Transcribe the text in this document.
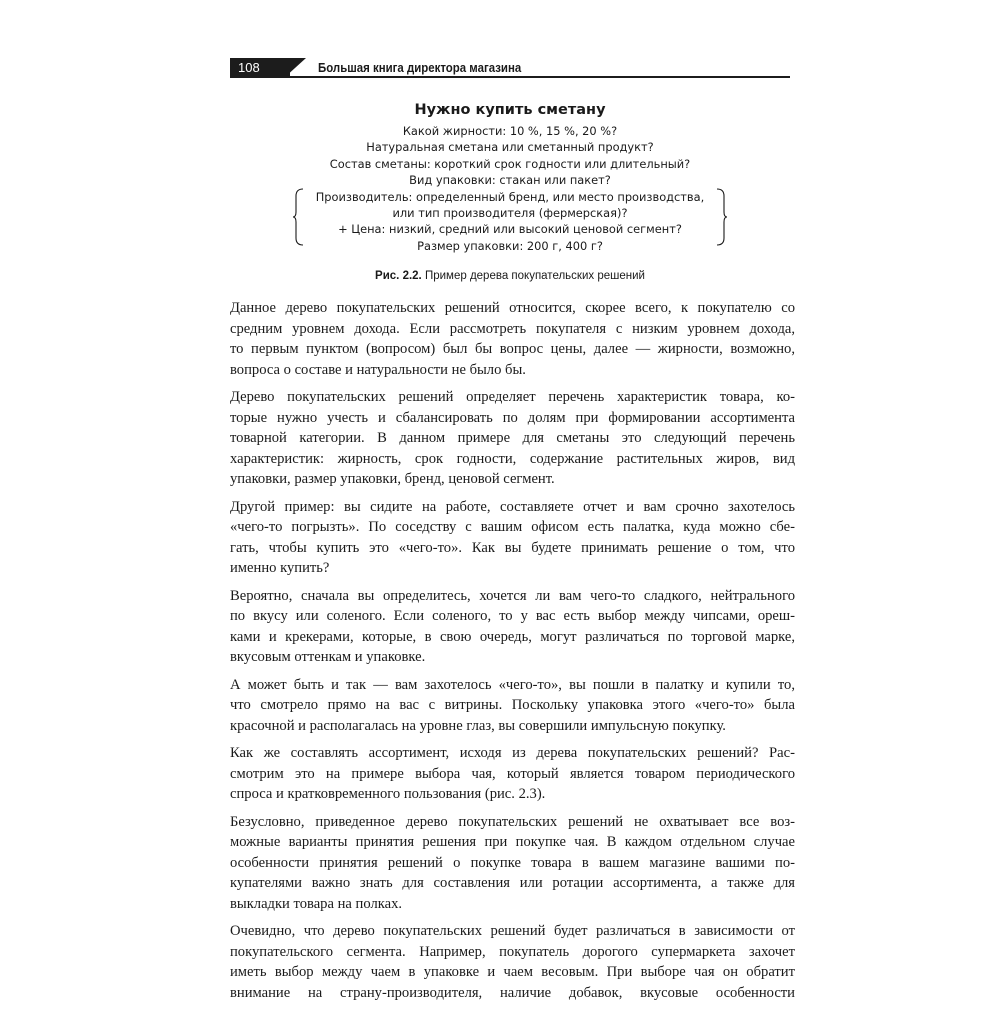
108	Большая книга директора магазина
Нужно купить сметану
Какой жирности: 10 %, 15 %, 20 %?
Натуральная сметана или сметанный продукт?
Состав сметаны: короткий срок годности или длительный?
Вид упаковки: стакан или пакет?
Производитель: определенный бренд, или место производства,
или тип производителя (фермерская)?
+ Цена: низкий, средний или высокий ценовой сегмент?
Размер упаковки: 200 г, 400 г?
Рис. 2.2. Пример дерева покупательских решений

Данное дерево покупательских решений относится, скорее всего, к покупателю со
средним уровнем дохода. Если рассмотреть покупателя с низким уровнем дохода,
то первым пунктом (вопросом) был бы вопрос цены, далее — жирности, возможно,
вопроса о составе и натуральности не было бы.

Дерево покупательских решений определяет перечень характеристик товара, ко-
торые нужно учесть и сбалансировать по долям при формировании ассортимента
товарной категории. В данном примере для сметаны это следующий перечень
характеристик: жирность, срок годности, содержание растительных жиров, вид
упаковки, размер упаковки, бренд, ценовой сегмент.

Другой пример: вы сидите на работе, составляете отчет и вам срочно захотелось
«чего-то погрызть». По соседству с вашим офисом есть палатка, куда можно сбе-
гать, чтобы купить это «чего-то». Как вы будете принимать решение о том, что
именно купить?

Вероятно, сначала вы определитесь, хочется ли вам чего-то сладкого, нейтрального
по вкусу или соленого. Если соленого, то у вас есть выбор между чипсами, ореш-
ками и крекерами, которые, в свою очередь, могут различаться по торговой марке,
вкусовым оттенкам и упаковке.

А может быть и так — вам захотелось «чего-то», вы пошли в палатку и купили то,
что смотрело прямо на вас с витрины. Поскольку упаковка этого «чего-то» была
красочной и располагалась на уровне глаз, вы совершили импульсную покупку.

Как же составлять ассортимент, исходя из дерева покупательских решений? Рас-
смотрим это на примере выбора чая, который является товаром периодического
спроса и кратковременного пользования (рис. 2.3).

Безусловно, приведенное дерево покупательских решений не охватывает все воз-
можные варианты принятия решения при покупке чая. В каждом отдельном случае
особенности принятия решений о покупке товара в вашем магазине вашими по-
купателями важно знать для составления или ротации ассортимента, а также для
выкладки товара на полках.

Очевидно, что дерево покупательских решений будет различаться в зависимости от
покупательского сегмента. Например, покупатель дорогого супермаркета захочет
иметь выбор между чаем в упаковке и чаем весовым. При выборе чая он обратит
внимание на страну-производителя, наличие добавок, вкусовые особенности
